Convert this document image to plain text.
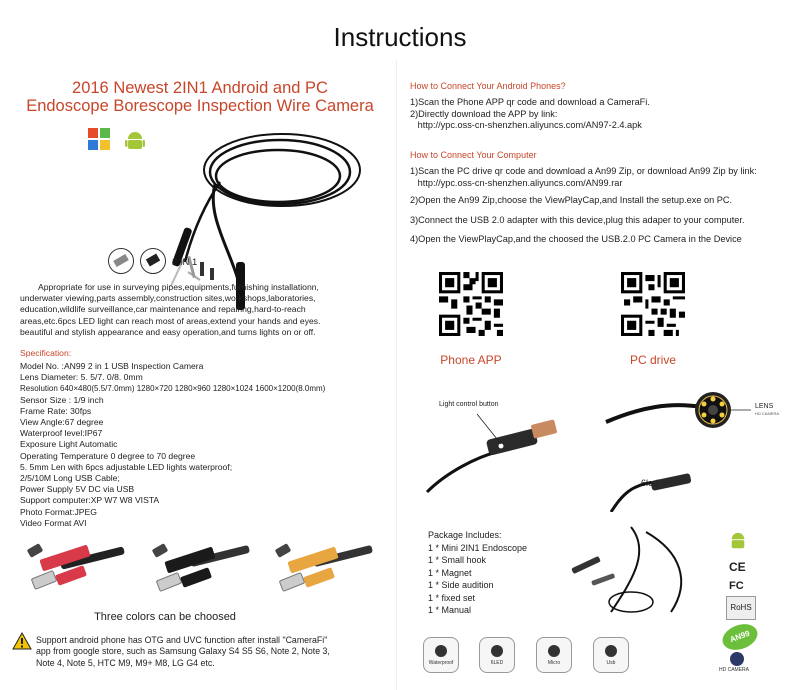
Instructions
2016 Newest 2IN1 Android and PC
Endoscope Borescope Inspection Wire Camera
2 IN 1
Appropriate for use in surveying pipes,equipments,furnishing installationn,
underwater viewing,parts assembly,construction sites,workshops,laboratories,
education,wildlife surveillance,car maintenance and repairing,hard-to-reach
areas,etc.6pcs LED light can reach most of areas,extend your hands and eyes.
beautiful and stylish appearance and easy operation,and turns lights on or off.
Specification:
Model No. :AN99 2 in 1 USB Inspection Camera
Lens Diameter: 5. 5/7. 0/8. 0mm
Resolution 640×480(5.5/7.0mm) 1280×720 1280×960 1280×1024 1600×1200(8.0mm)
Sensor Size : 1/9 inch
Frame Rate: 30fps
View Angle:67 degree
Waterproof level:IP67
Exposure Light Automatic
Operating Temperature 0 degree to 70 degree
5. 5mm Len with 6pcs adjustable LED lights waterproof;
2/5/10M Long USB Cable;
Power Supply 5V DC via USB
Support computer:XP W7 W8 VISTA
Photo Format:JPEG
Video Format AVI
Three colors can be choosed
Support android phone has OTG and UVC function after install "CameraFi"
app from google store, such as Samsung Galaxy S4 S5 S6, Note 2, Note 3,
Note 4, Note 5, HTC M9, M9+ M8, LG G4 etc.
How to Connect Your Android Phones?
1)Scan the Phone APP qr code and download a CameraFi.
2)Directly download the APP by link:
http://ypc.oss-cn-shenzhen.aliyuncs.com/AN97-2.4.apk
How to Connect Your Computer
1)Scan the PC drive qr code and download a An99 Zip, or download An99 Zip by link:
http://ypc.oss-cn-shenzhen.aliyuncs.com/AN99.rar
2)Open the An99 Zip,choose the ViewPlayCap,and Install the setup.exe on PC.
3)Connect the USB 2.0 adapter with this device,plug this adaper to your computer.
4)Open the ViewPlayCap,and the choosed the USB.2.0 PC Camera in the Device
Phone APP	PC drive
Light control button	LENS
HD CAMERA
6led
Package Includes:
1 * Mini 2IN1 Endoscope
1 * Small hook
1 * Magnet
1 * Side audition
1 * fixed set
1 * Manual
CE
FC
RoHS
AN99
HD CAMERA
Waterproof	6LED	Micro	Usb
